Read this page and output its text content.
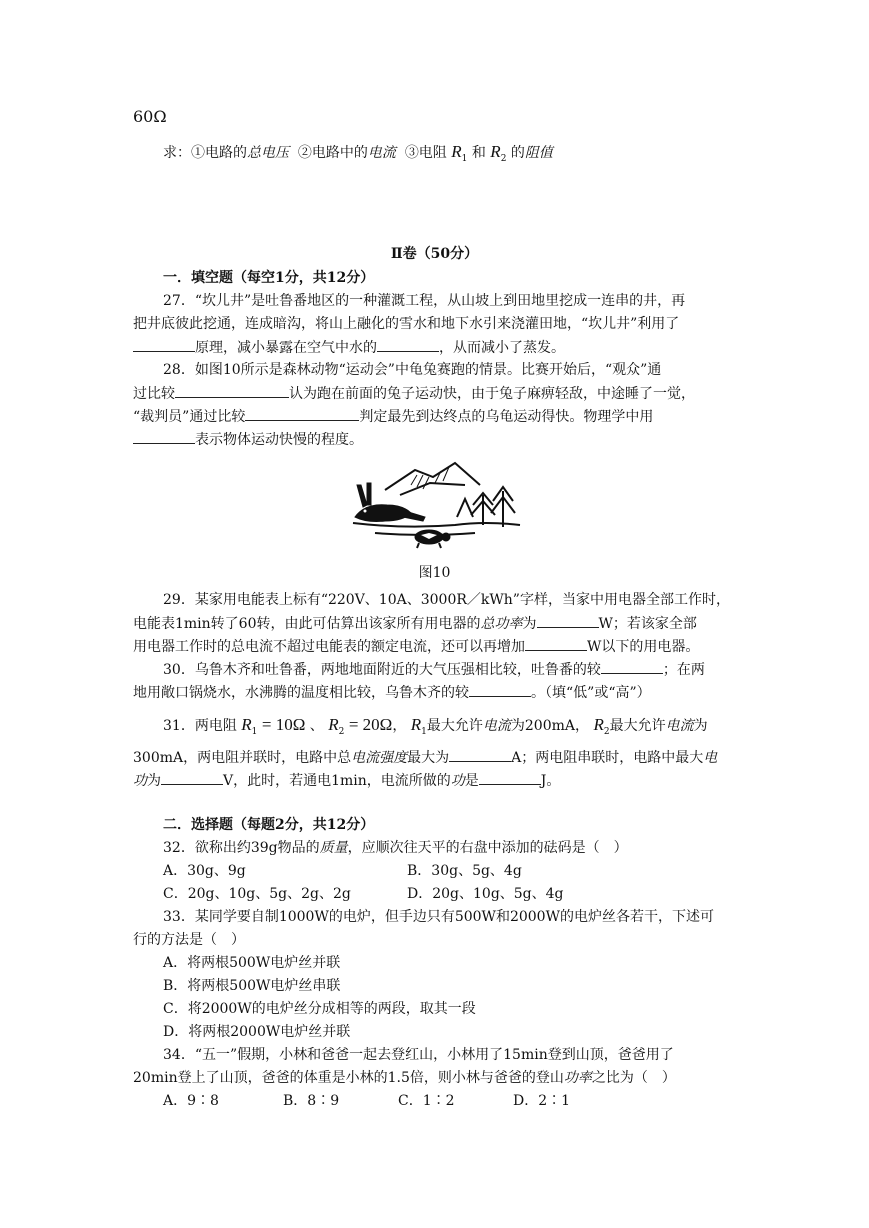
60Ω
求：①电路的总电压 ②电路中的电流 ③电阻 $R_1$ 和 $R_2$ 的阻值
Ⅱ卷（50分）
一．填空题（每空1分，共12分）
27．“坎儿井”是吐鲁番地区的一种灌溉工程，从山坡上到田地里挖成一连串的井，再
把井底彼此挖通，连成暗沟，将山上融化的雪水和地下水引来浇灌田地，“坎儿井”利用了
原理，减小暴露在空气中水的	，从而减小了蒸发。
28．如图10所示是森林动物“运动会”中龟兔赛跑的情景。比赛开始后，“观众”通
过比较	认为跑在前面的兔子运动快，由于兔子麻痹轻敌，中途睡了一觉，
“裁判员”通过比较	判定最先到达终点的乌龟运动得快。物理学中用
表示物体运动快慢的程度。
图10
29．某家用电能表上标有“220V、10A、3000R／kWh”字样，当家中用电器全部工作时，
电能表1min转了60转，由此可估算出该家所有用电器的总功率为	W；若该家全部
用电器工作时的总电流不超过电能表的额定电流，还可以再增加	W以下的用电器。
30．乌鲁木齐和吐鲁番，两地地面附近的大气压强相比较，吐鲁番的较	；在两
地用敞口锅烧水，水沸腾的温度相比较，乌鲁木齐的较	。（填“低”或“高”）
31．两电阻 $R_1 = 10\Omega$ 、 $R_2 = 20\Omega$， $R_1$最大允许电流为200mA， $R_2$最大允许电流为
300mA，两电阻并联时，电路中总电流强度最大为	A；两电阻串联时，电路中最大电
功为	V，此时，若通电1min，电流所做的功是	J。
二．选择题（每题2分，共12分）
32．欲称出约39g物品的质量，应顺次往天平的右盘中添加的砝码是（　）
A．30g、9g	B．30g、5g、4g
C．20g、10g、5g、2g、2g	D．20g、10g、5g、4g
33．某同学要自制1000W的电炉，但手边只有500W和2000W的电炉丝各若干，下述可
行的方法是（　）
A．将两根500W电炉丝并联
B．将两根500W电炉丝串联
C．将2000W的电炉丝分成相等的两段，取其一段
D．将两根2000W电炉丝并联
34．“五一”假期，小林和爸爸一起去登红山，小林用了15min登到山顶，爸爸用了
20min登上了山顶，爸爸的体重是小林的1.5倍，则小林与爸爸的登山功率之比为（　）
A．9∶8	B．8∶9	C．1∶2	D．2∶1
